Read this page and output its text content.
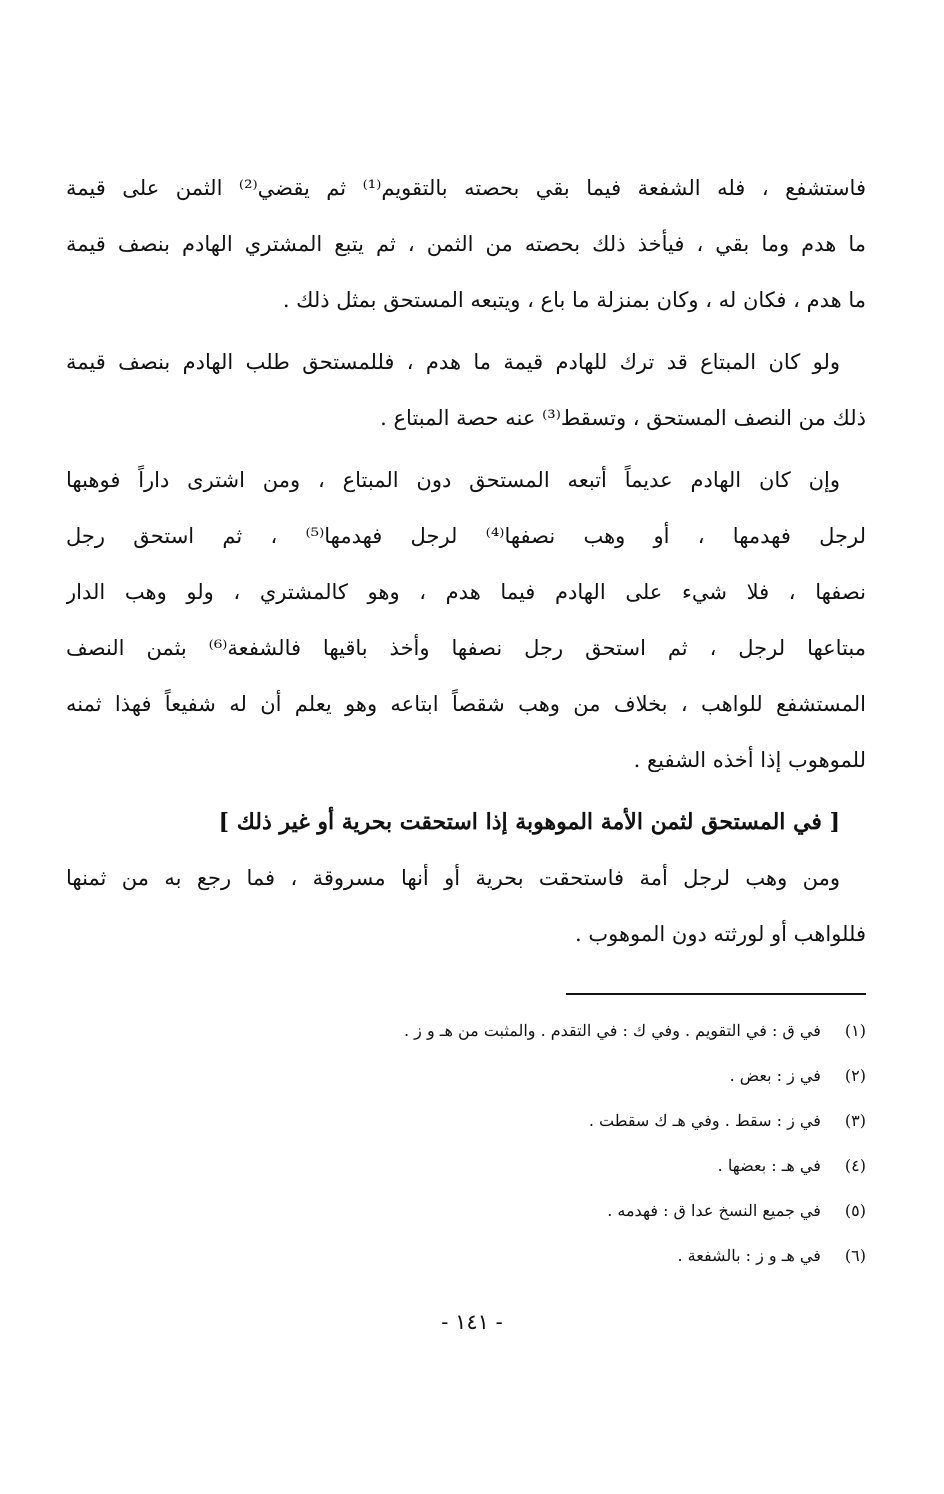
فاستشفع ، فله الشفعة فيما بقي بحصته بالتقويم⁽¹⁾ ثم يقضي⁽²⁾ الثمن على قيمة
ما هدم وما بقي ، فيأخذ ذلك بحصته من الثمن ، ثم يتبع المشتري الهادم بنصف قيمة
ما هدم ، فكان له ، وكان بمنزلة ما باع ، ويتبعه المستحق بمثل ذلك .
ولو كان المبتاع قد ترك للهادم قيمة ما هدم ، فللمستحق طلب الهادم بنصف قيمة
ذلك من النصف المستحق ، وتسقط⁽³⁾ عنه حصة المبتاع .
وإن كان الهادم عديماً أتبعه المستحق دون المبتاع ، ومن اشترى داراً فوهبها
لرجل فهدمها ، أو وهب نصفها⁽⁴⁾ لرجل فهدمها⁽⁵⁾ ، ثم استحق رجل
نصفها ، فلا شيء على الهادم فيما هدم ، وهو كالمشتري ، ولو وهب الدار
مبتاعها لرجل ، ثم استحق رجل نصفها وأخذ باقيها فالشفعة⁽⁶⁾ بثمن النصف
المستشفع للواهب ، بخلاف من وهب شقصاً ابتاعه وهو يعلم أن له شفيعاً فهذا ثمنه
للموهوب إذا أخذه الشفيع .
[ في المستحق لثمن الأمة الموهوبة إذا استحقت بحرية أو غير ذلك ]
ومن وهب لرجل أمة فاستحقت بحرية أو أنها مسروقة ، فما رجع به من ثمنها
فللواهب أو لورثته دون الموهوب .
(١) في ق : في التقويم . وفي ك : في التقدم . والمثبت من هـ و ز .
(٢) في ز : بعض .
(٣) في ز : سقط . وفي هـ ك سقطت .
(٤) في هـ : بعضها .
(٥) في جميع النسخ عدا ق : فهدمه .
(٦) في هـ و ز : بالشفعة .
- ١٤١ -
